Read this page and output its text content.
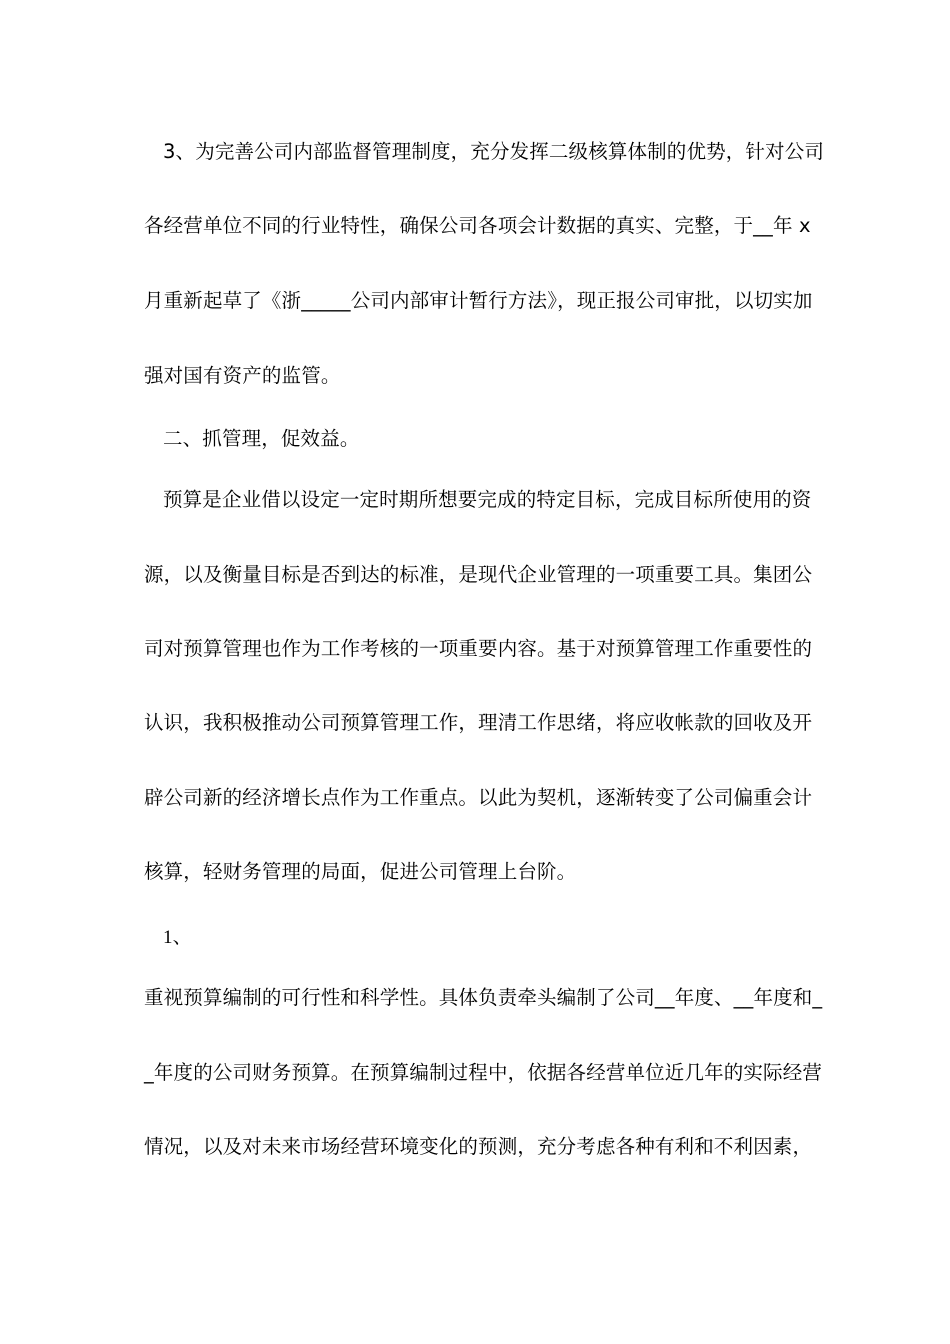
3、为完善公司内部监督管理制度，充分发挥二级核算体制的优势，针对公司
各经营单位不同的行业特性，确保公司各项会计数据的真实、完整，于__年 x
月重新起草了《浙_____公司内部审计暂行方法》，现正报公司审批，以切实加
强对国有资产的监管。
二、抓管理，促效益。
预算是企业借以设定一定时期所想要完成的特定目标，完成目标所使用的资
源，以及衡量目标是否到达的标准，是现代企业管理的一项重要工具。集团公
司对预算管理也作为工作考核的一项重要内容。基于对预算管理工作重要性的
认识，我积极推动公司预算管理工作，理清工作思绪，将应收帐款的回收及开
辟公司新的经济增长点作为工作重点。以此为契机，逐渐转变了公司偏重会计
核算，轻财务管理的局面，促进公司管理上台阶。
1、
重视预算编制的可行性和科学性。具体负责牵头编制了公司__年度、__年度和_
_年度的公司财务预算。在预算编制过程中，依据各经营单位近几年的实际经营
情况，以及对未来市场经营环境变化的预测，充分考虑各种有利和不利因素，
